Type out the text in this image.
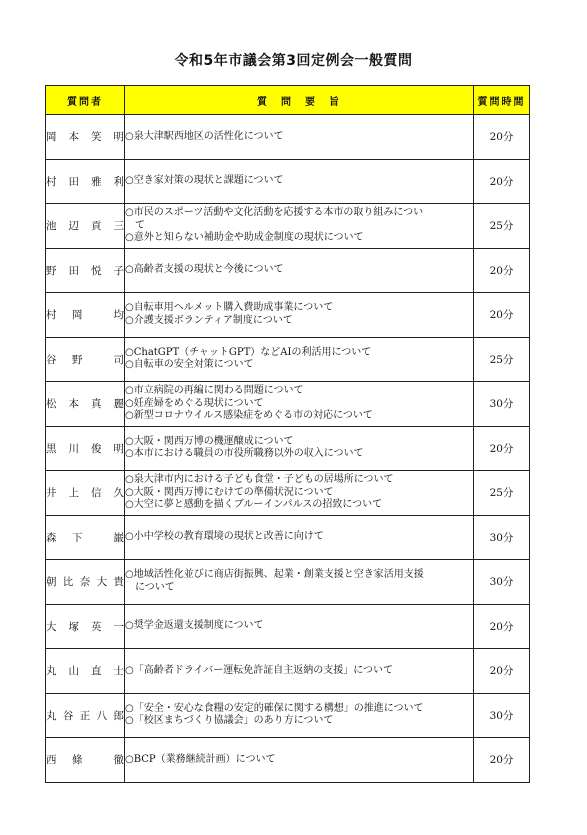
令和5年市議会第3回定例会一般質問
質問者	質　問　要　旨	質問時間

岡 本 笑 明	○泉大津駅西地区の活性化について	20分

村 田 雅 利	○空き家対策の現状と課題について	20分

池 辺 貢 三	○市民のスポーツ活動や文化活動を応援する本市の取り組みについ
　て
○意外と知らない補助金や助成金制度の現状について	25分

野 田 悦 子	○高齢者支援の現状と今後について	20分

村 岡 均	○自転車用ヘルメット購入費助成事業について
○介護支援ボランティア制度について	20分

谷 野 司	○ChatGPT（チャットGPT）などAIの利活用について
○自転車の安全対策について	25分

松 本 真 麗	○市立病院の再編に関わる問題について
○妊産婦をめぐる現状について
○新型コロナウイルス感染症をめぐる市の対応について	30分

黒 川 俊 明	○大阪・関西万博の機運醸成について
○本市における職員の市役所職務以外の収入について	20分

井 上 信 久	○泉大津市内における子ども食堂・子どもの居場所について
○大阪・関西万博にむけての準備状況について
○大空に夢と感動を描くブルーインパルスの招致について	25分

森 下 巌	○小中学校の教育環境の現状と改善に向けて	30分

朝 比 奈 大 貴	○地域活性化並びに商店街振興、起業・創業支援と空き家活用支援
　について	30分

大 塚 英 一	○奨学金返還支援制度について	20分

丸 山 直 士	○「高齢者ドライバー運転免許証自主返納の支援」について	20分

丸 谷 正 八 郎	○「安全・安心な食糧の安定的確保に関する構想」の推進について
○「校区まちづくり協議会」のあり方について	30分

西 條 徹	○BCP（業務継続計画）について	20分
